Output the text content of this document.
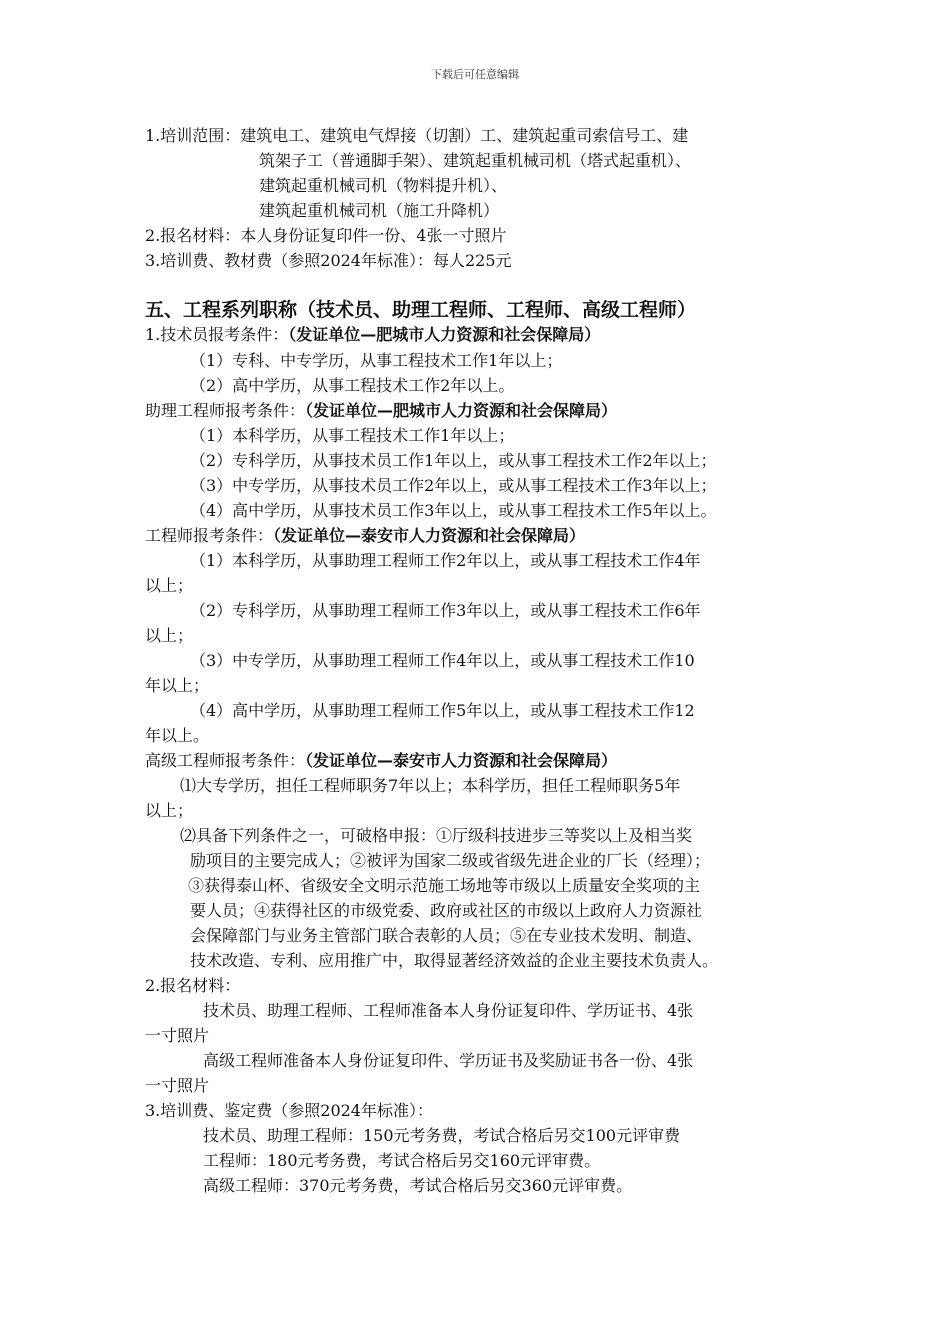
下载后可任意编辑
1.培训范围：建筑电工、建筑电气焊接（切割）工、建筑起重司索信号工、建
筑架子工（普通脚手架）、建筑起重机械司机（塔式起重机）、
建筑起重机械司机（物料提升机）、
建筑起重机械司机（施工升降机）
2.报名材料：本人身份证复印件一份、4张一寸照片
3.培训费、教材费（参照2024年标准）：每人225元
五、工程系列职称（技术员、助理工程师、工程师、高级工程师）
1.技术员报考条件：（发证单位—肥城市人力资源和社会保障局）
（1）专科、中专学历，从事工程技术工作1年以上；
（2）高中学历，从事工程技术工作2年以上。
助理工程师报考条件：（发证单位—肥城市人力资源和社会保障局）
（1）本科学历，从事工程技术工作1年以上；
（2）专科学历，从事技术员工作1年以上，或从事工程技术工作2年以上；
（3）中专学历，从事技术员工作2年以上，或从事工程技术工作3年以上；
（4）高中学历，从事技术员工作3年以上，或从事工程技术工作5年以上。
工程师报考条件：（发证单位—泰安市人力资源和社会保障局）
（1）本科学历，从事助理工程师工作2年以上，或从事工程技术工作4年
以上；
（2）专科学历，从事助理工程师工作3年以上，或从事工程技术工作6年
以上；
（3）中专学历，从事助理工程师工作4年以上，或从事工程技术工作10
年以上；
（4）高中学历，从事助理工程师工作5年以上，或从事工程技术工作12
年以上。
高级工程师报考条件：（发证单位—泰安市人力资源和社会保障局）
⑴大专学历，担任工程师职务7年以上；本科学历，担任工程师职务5年
以上；
⑵具备下列条件之一，可破格申报：①厅级科技进步三等奖以上及相当奖
励项目的主要完成人；②被评为国家二级或省级先进企业的厂长（经理）；
③获得泰山杯、省级安全文明示范施工场地等市级以上质量安全奖项的主
要人员；④获得社区的市级党委、政府或社区的市级以上政府人力资源社
会保障部门与业务主管部门联合表彰的人员；⑤在专业技术发明、制造、
技术改造、专利、应用推广中，取得显著经济效益的企业主要技术负责人。
2.报名材料：
技术员、助理工程师、工程师准备本人身份证复印件、学历证书、4张
一寸照片
高级工程师准备本人身份证复印件、学历证书及奖励证书各一份、4张
一寸照片
3.培训费、鉴定费（参照2024年标准）：
技术员、助理工程师：150元考务费，考试合格后另交100元评审费
工程师：180元考务费，考试合格后另交160元评审费。
高级工程师：370元考务费，考试合格后另交360元评审费。
